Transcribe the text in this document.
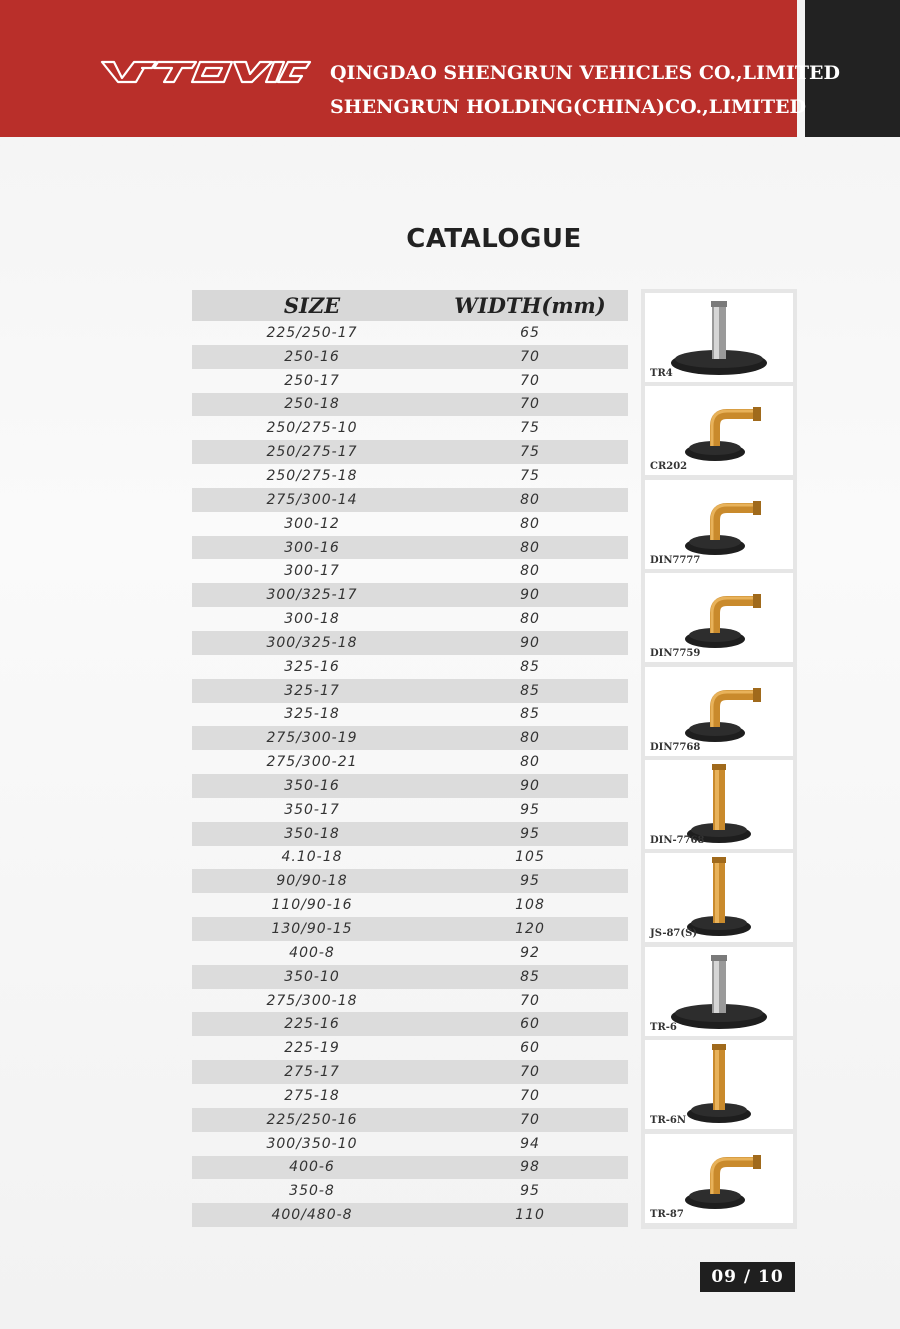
QINGDAO SHENGRUN VEHICLES CO.,LIMITED
SHENGRUN HOLDING(CHINA)CO.,LIMITED
CATALOGUE
SIZE	WIDTH(mm)
225/250-17	65
250-16	70
250-17	70
250-18	70
250/275-10	75
250/275-17	75
250/275-18	75
275/300-14	80
300-12	80
300-16	80
300-17	80
300/325-17	90
300-18	80
300/325-18	90
325-16	85
325-17	85
325-18	85
275/300-19	80
275/300-21	80
350-16	90
350-17	95
350-18	95
4.10-18	105
90/90-18	95
110/90-16	108
130/90-15	120
400-8	92
350-10	85
275/300-18	70
225-16	60
225-19	60
275-17	70
275-18	70
225/250-16	70
300/350-10	94
400-6	98
350-8	95
400/480-8	110
TR4
CR202
DIN7777
DIN7759
DIN7768
DIN-7768
JS-87(S)
TR-6
TR-6N
TR-87
09 / 10
